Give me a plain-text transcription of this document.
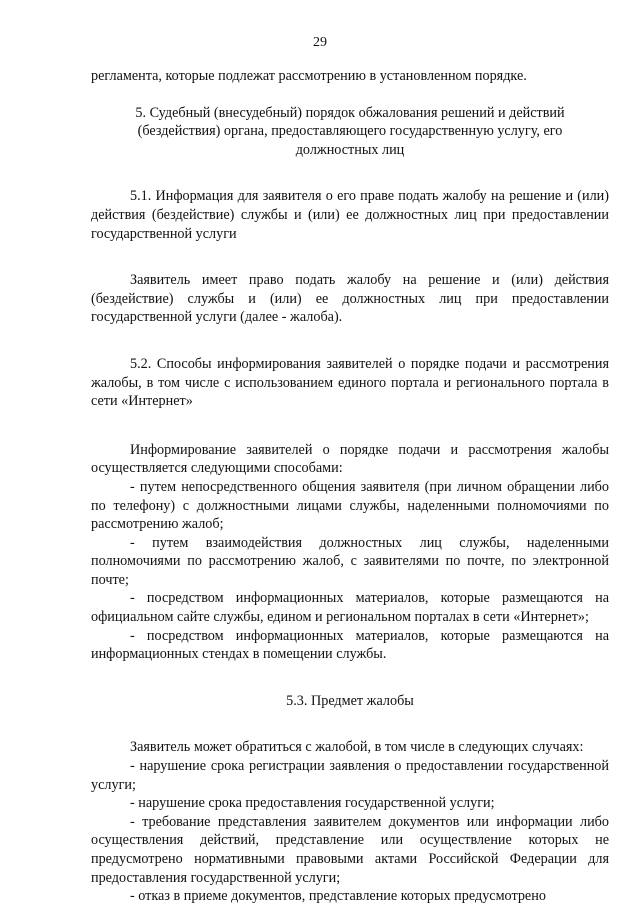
29

регламента, которые подлежат рассмотрению в установленном порядке.

5. Судебный (внесудебный) порядок обжалования решений и действий (бездействия) органа, предоставляющего государственную услугу, его должностных лиц

5.1. Информация для заявителя о его праве подать жалобу на решение и (или) действия (бездействие) службы и (или) ее должностных лиц при предоставлении государственной услуги

Заявитель имеет право подать жалобу на решение и (или) действия (бездействие) службы и (или) ее должностных лиц при предоставлении государственной услуги (далее - жалоба).

5.2. Способы информирования заявителей о порядке подачи и рассмотрения жалобы, в том числе с использованием единого портала и регионального портала в сети «Интернет»

Информирование заявителей о порядке подачи и рассмотрения жалобы осуществляется следующими способами:

- путем непосредственного общения заявителя (при личном обращении либо по телефону) с должностными лицами службы, наделенными полномочиями по рассмотрению жалоб;

- путем взаимодействия должностных лиц службы, наделенными полномочиями по рассмотрению жалоб, с заявителями по почте, по электронной почте;

- посредством информационных материалов, которые размещаются на официальном сайте службы, едином и региональном порталах в сети «Интернет»;

- посредством информационных материалов, которые размещаются на информационных стендах в помещении службы.

5.3. Предмет жалобы

Заявитель может обратиться с жалобой, в том числе в следующих случаях:

- нарушение срока регистрации заявления о предоставлении государственной услуги;

- нарушение срока предоставления государственной услуги;

- требование представления заявителем документов или информации либо осуществления действий, представление или осуществление которых не предусмотрено нормативными правовыми актами Российской Федерации для предоставления государственной услуги;

- отказ в приеме документов, представление которых предусмотрено
